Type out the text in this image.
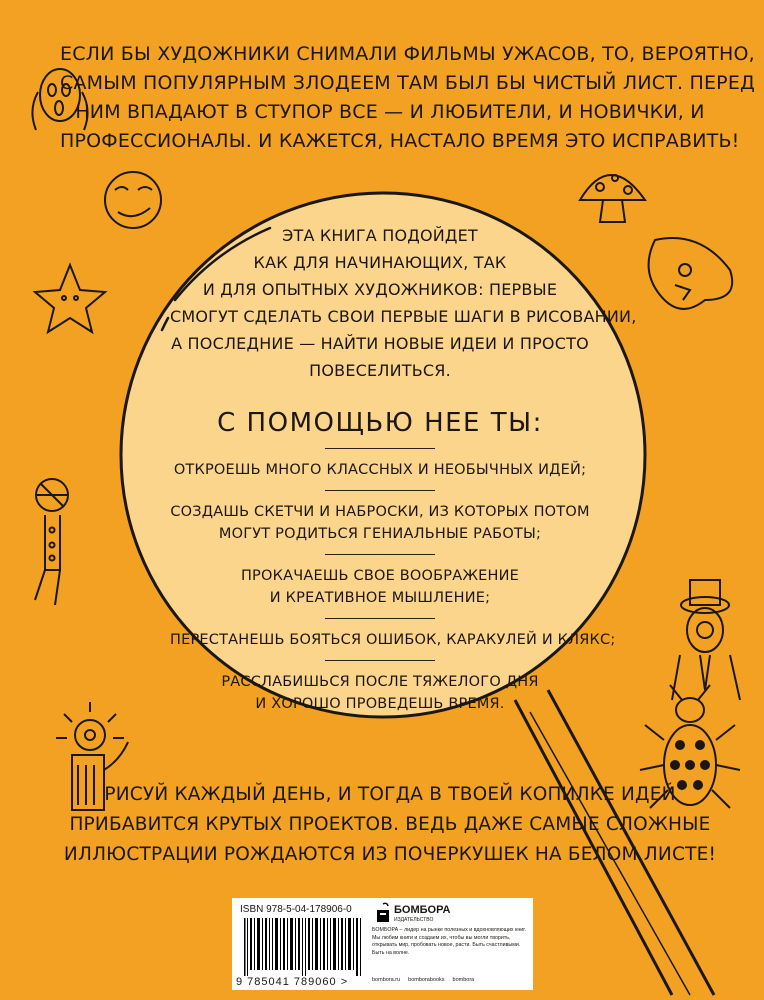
ЕСЛИ БЫ ХУДОЖНИКИ СНИМАЛИ ФИЛЬМЫ УЖАСОВ, ТО, ВЕРОЯТНО,
САМЫМ ПОПУЛЯРНЫМ ЗЛОДЕЕМ ТАМ БЫЛ БЫ ЧИСТЫЙ ЛИСТ. ПЕРЕД
НИМ ВПАДАЮТ В СТУПОР ВСЕ — И ЛЮБИТЕЛИ, И НОВИЧКИ, И
ПРОФЕССИОНАЛЫ. И КАЖЕТСЯ, НАСТАЛО ВРЕМЯ ЭТО ИСПРАВИТЬ!
ЭТА КНИГА ПОДОЙДЕТ
КАК ДЛЯ НАЧИНАЮЩИХ, ТАК
И ДЛЯ ОПЫТНЫХ ХУДОЖНИКОВ: ПЕРВЫЕ
СМОГУТ СДЕЛАТЬ СВОИ ПЕРВЫЕ ШАГИ В РИСОВАНИИ,
А ПОСЛЕДНИЕ — НАЙТИ НОВЫЕ ИДЕИ И ПРОСТО
ПОВЕСЕЛИТЬСЯ.
С ПОМОЩЬЮ НЕЕ ТЫ:
ОТКРОЕШЬ МНОГО КЛАССНЫХ И НЕОБЫЧНЫХ ИДЕЙ;
СОЗДАШЬ СКЕТЧИ И НАБРОСКИ, ИЗ КОТОРЫХ ПОТОМ
МОГУТ РОДИТЬСЯ ГЕНИАЛЬНЫЕ РАБОТЫ;
ПРОКАЧАЕШЬ СВОЕ ВООБРАЖЕНИЕ
И КРЕАТИВНОЕ МЫШЛЕНИЕ;
ПЕРЕСТАНЕШЬ БОЯТЬСЯ ОШИБОК, КАРАКУЛЕЙ И КЛЯКС;
РАССЛАБИШЬСЯ ПОСЛЕ ТЯЖЕЛОГО ДНЯ
И ХОРОШО ПРОВЕДЕШЬ ВРЕМЯ.
РИСУЙ КАЖДЫЙ ДЕНЬ, И ТОГДА В ТВОЕЙ КОПИЛКЕ ИДЕЙ
ПРИБАВИТСЯ КРУТЫХ ПРОЕКТОВ. ВЕДЬ ДАЖЕ САМЫЕ СЛОЖНЫЕ
ИЛЛЮСТРАЦИИ РОЖДАЮТСЯ ИЗ ПОЧЕРКУШЕК НА БЕЛОМ ЛИСТЕ!
ISBN 978-5-04-178906-0
9 785041 789060 >
БОМБОРА
ИЗДАТЕЛЬСТВО
БОМБОРА – лидер на рынке полезных и вдохновляющих книг. Мы любим книги и создаем их, чтобы вы могли творить, открывать мир, пробовать новое, расти. Быть счастливыми. Быть на волне.
bombora.ru bomborabooks bombora
